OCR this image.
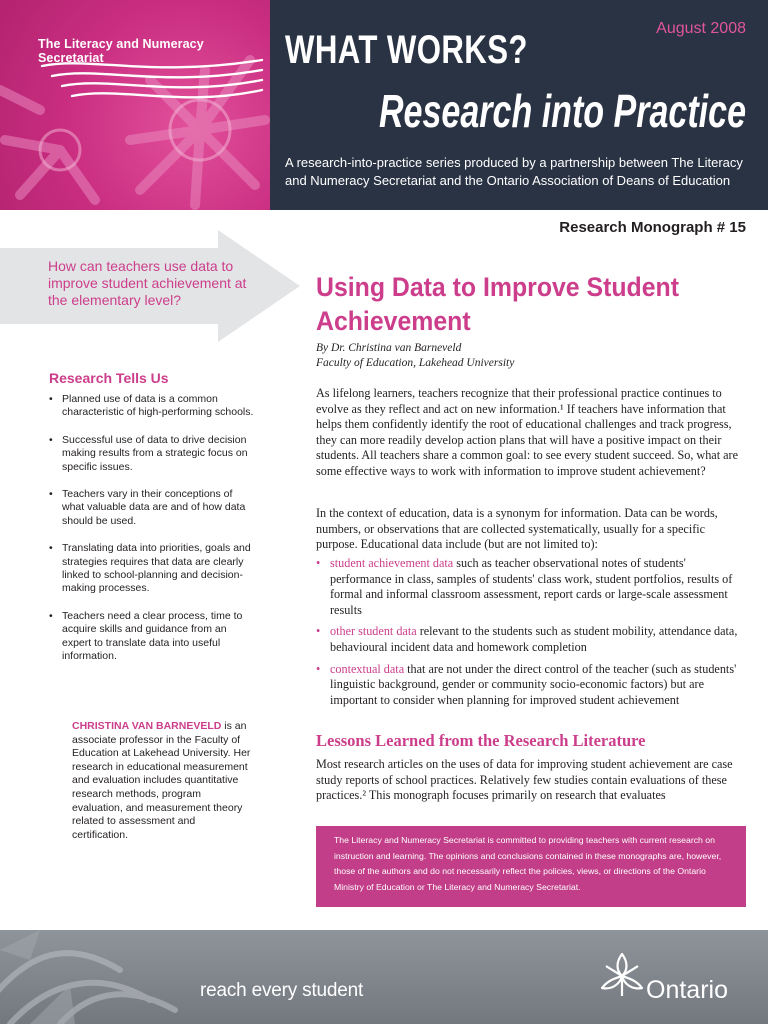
The Literacy and Numeracy Secretariat
August 2008
WHAT WORKS?
Research into Practice
A research-into-practice series produced by a partnership between The Literacy and Numeracy Secretariat and the Ontario Association of Deans of Education
Research Monograph # 15
How can teachers use data to improve student achievement at the elementary level?
Research Tells Us
• Planned use of data is a common characteristic of high-performing schools.
• Successful use of data to drive decision making results from a strategic focus on specific issues.
• Teachers vary in their conceptions of what valuable data are and of how data should be used.
• Translating data into priorities, goals and strategies requires that data are clearly linked to school-planning and decision-making processes.
• Teachers need a clear process, time to acquire skills and guidance from an expert to translate data into useful information.
CHRISTINA VAN BARNEVELD is an associate professor in the Faculty of Education at Lakehead University. Her research in educational measurement and evaluation includes quantitative research methods, program evaluation, and measurement theory related to assessment and certification.
Using Data to Improve Student Achievement
By Dr. Christina van Barneveld
Faculty of Education, Lakehead University

As lifelong learners, teachers recognize that their professional practice continues to evolve as they reflect and act on new information.¹ If teachers have information that helps them confidently identify the root of educational challenges and track progress, they can more readily develop action plans that will have a positive impact on their students. All teachers share a common goal: to see every student succeed. So, what are some effective ways to work with information to improve student achievement?

In the context of education, data is a synonym for information. Data can be words, numbers, or observations that are collected systematically, usually for a specific purpose. Educational data include (but are not limited to):

• student achievement data such as teacher observational notes of students' performance in class, samples of students' class work, student portfolios, results of formal and informal classroom assessment, report cards or large-scale assessment results
• other student data relevant to the students such as student mobility, attendance data, behavioural incident data and homework completion
• contextual data that are not under the direct control of the teacher (such as students' linguistic background, gender or community socio-economic factors) but are important to consider when planning for improved student achievement
Lessons Learned from the Research Literature

Most research articles on the uses of data for improving student achievement are case study reports of school practices. Relatively few studies contain evaluations of these practices.² This monograph focuses primarily on research that evaluates

The Literacy and Numeracy Secretariat is committed to providing teachers with current research on instruction and learning. The opinions and conclusions contained in these monographs are, however, those of the authors and do not necessarily reflect the policies, views, or directions of the Ontario Ministry of Education or The Literacy and Numeracy Secretariat.
reach every student	Ontario
